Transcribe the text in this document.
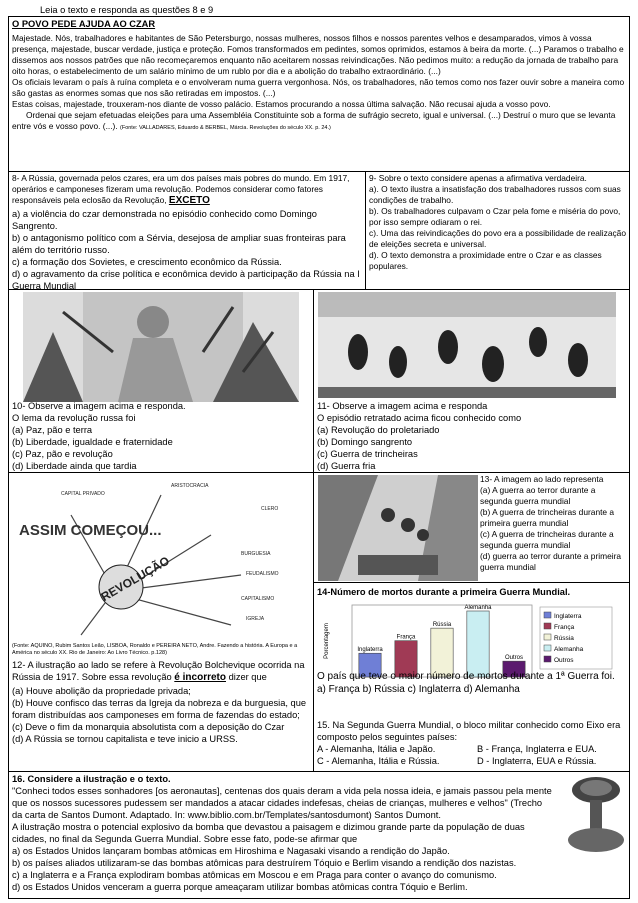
Leia o texto e responda as questões 8 e 9

O POVO PEDE AJUDA AO CZAR

Majestade. Nós, trabalhadores e habitantes de São Petersburgo, nossas mulheres, nossos filhos e nossos parentes velhos e desamparados, vimos à vossa presença, majestade, buscar verdade, justiça e proteção. Fomos transformados em pedintes, somos oprimidos, estamos à beira da morte. (...) Paramos o trabalho e dissemos aos nossos patrões que não recomeçaremos enquanto não aceitarem nossas reivindicações. Não pedimos muito: a redução da jornada de trabalho para oito horas, o estabelecimento de um salário mínimo de um rublo por dia e a abolição do trabalho extraordinário. (...)

Os oficiais levaram o país à ruína completa e o envolveram numa guerra vergonhosa. Nós, os trabalhadores, não temos como nos fazer ouvir sobre a maneira como são gastas as enormes somas que nos são retiradas em impostos. (...)

Estas coisas, majestade, trouxeram-nos diante de vosso palácio. Estamos procurando a nossa última salvação. Não recusai ajuda a vosso povo.

Ordenai que sejam efetuadas eleições para uma Assembléia Constituinte sob a forma de sufrágio secreto, igual e universal. (...) Destruí o muro que se levanta entre vós e vosso povo. (...). (Fonte: VALLADARES, Eduardo & BERBEL, Márcia. Revoluções do século XX. p. 24.)

8- A Rússia, governada pelos czares, era um dos países mais pobres do mundo. Em 1917, operários e camponeses fizeram uma revolução. Podemos considerar como fatores responsáveis pela eclosão da Revolução, EXCETO

a) a violência do czar demonstrada no episódio conhecido como Domingo Sangrento.

b) o antagonismo político com a Sérvia, desejosa de ampliar suas fronteiras para além do território russo.

c) a formação dos Sovietes, e crescimento econômico da Rússia.

d) o agravamento da crise política e econômica devido à participação da Rússia na I Guerra Mundial

9- Sobre o texto considere apenas a afirmativa verdadeira.

a). O texto ilustra a insatisfação dos trabalhadores russos com suas condições de trabalho.

b). Os trabalhadores culpavam o Czar pela fome e miséria do povo, por isso sempre odiaram o rei.

c). Uma das reivindicações do povo era a possibilidade de realização de eleições secreta e universal.

d). O texto demonstra a proximidade entre o Czar e as classes populares.

10- Observe a imagem acima e responda.

O lema da revolução russa foi

(a) Paz, pão e terra

(b) Liberdade, igualdade e fraternidade

(c) Paz, pão e revolução

(d) Liberdade ainda que tardia

11- Observe a imagem acima e responda

O episódio retratado acima ficou conhecido como

(a) Revolução do proletariado

(b) Domingo sangrento

(c) Guerra de trincheiras

(d) Guerra fria

REVOLUÇÃO
ASSIM COMEÇOU...
CAPITAL PRIVADO
ARISTOCRACIA
CLERO
BURGUESIA
FEUDALISMO
CAPITALISMO
IGREJA
(Fonte: AQUINO, Rubim Santos Leão, LISBOA, Ronaldo e PEREIRA NETO, Andre. Fazendo a história. A Europa e a América no século XX. Rio de Janeiro: Ao Livro Técnico. p.128)

12- A ilustração ao lado se refere à Revolução Bolchevique ocorrida na Rússia de 1917. Sobre essa revolução é incorreto dizer que

(a) Houve abolição da propriedade privada;

(b) Houve confisco das terras da Igreja da nobreza e da burguesia, que foram distribuídas aos camponeses em forma de fazendas do estado;

(c) Deve o fim da monarquia absolutista com a deposição do Czar

(d) A Rússia se tornou capitalista e teve inicio a URSS.

13- A imagem ao lado representa

(a) A guerra ao terror durante a segunda guerra mundial

(b) A guerra de trincheiras durante a primeira guerra mundial

(c) A guerra de trincheiras durante a segunda guerra mundial

(d) guerra ao terror durante a primeira guerra mundial

14-Número de mortos durante a primeira Guerra Mundial.

Porcentagem	Inglaterra
França
Rússia
Alemanha
Outros
Inglaterra
França
Rússia
Alemanha
Outros

O país que teve o maior número de mortos durante a 1ª Guerra foi.

a) França b) Rússia c) Inglaterra d) Alemanha

15. Na Segunda Guerra Mundial, o bloco militar conhecido como Eixo era composto pelos seguintes países:

A - Alemanha, Itália e Japão.	B - França, Inglaterra e EUA.
C - Alemanha, Itália e Rússia.	D - Inglaterra, EUA e Rússia.

16. Considere a ilustração e o texto.

"Conheci todos esses sonhadores [os aeronautas], centenas dos quais deram a vida pela nossa ideia, e jamais passou pela mente que os nossos sucessores pudessem ser mandados a atacar cidades indefesas, cheias de crianças, mulheres e velhos" (Trecho da carta de Santos Dumont. Adaptado. In: www.biblio.com.br/Templates/santosdumont) Santos Dumont.

A ilustração mostra o potencial explosivo da bomba que devastou a paisagem e dizimou grande parte da população de duas cidades, no final da Segunda Guerra Mundial. Sobre esse fato, pode-se afirmar que

a) os Estados Unidos lançaram bombas atômicas em Hiroshima e Nagasaki visando a rendição do Japão.

b) os países aliados utilizaram-se das bombas atômicas para destruírem Tóquio e Berlim visando a rendição dos nazistas.

c) a Inglaterra e a França explodiram bombas atômicas em Moscou e em Praga para conter o avanço do comunismo.

d) os Estados Unidos venceram a guerra porque ameaçaram utilizar bombas atômicas contra Tóquio e Berlim.
